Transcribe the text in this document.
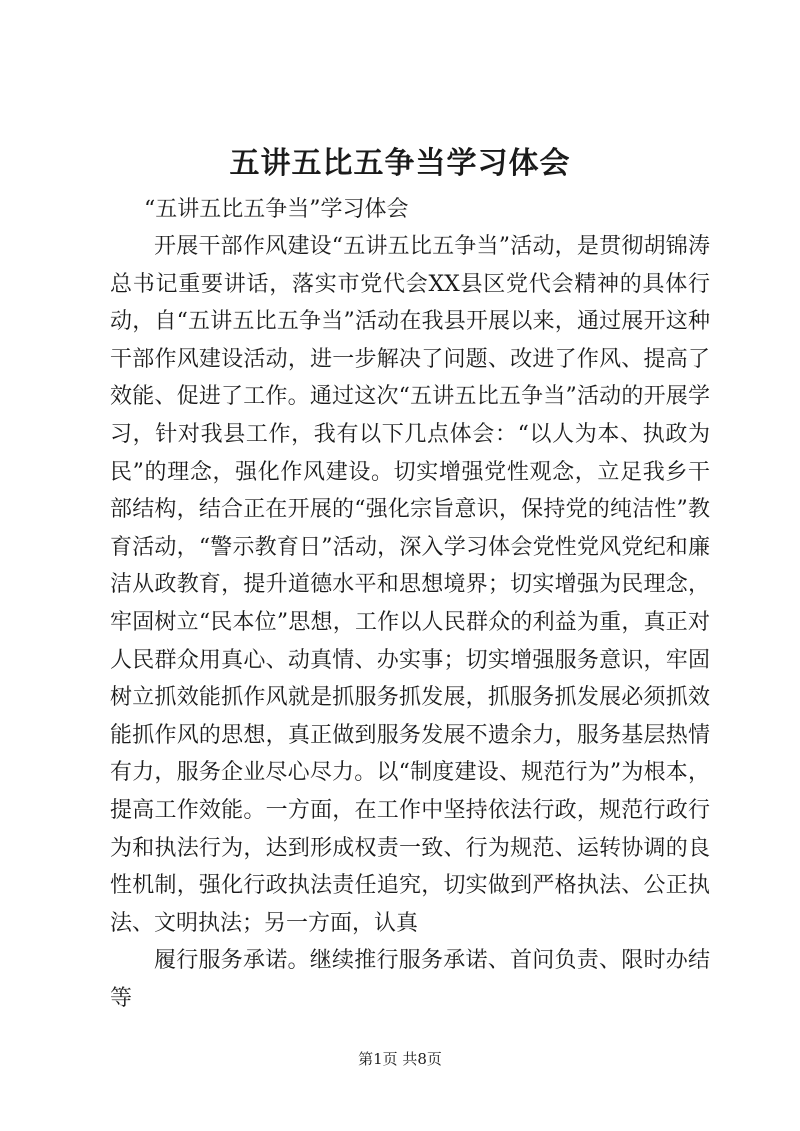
五讲五比五争当学习体会

“五讲五比五争当”学习体会

开展干部作风建设“五讲五比五争当”活动，是贯彻胡锦涛总书记重要讲话，落实市党代会XX县区党代会精神的具体行动，自“五讲五比五争当”活动在我县开展以来，通过展开这种干部作风建设活动，进一步解决了问题、改进了作风、提高了效能、促进了工作。通过这次“五讲五比五争当”活动的开展学习，针对我县工作，我有以下几点体会：“以人为本、执政为民”的理念，强化作风建设。切实增强党性观念，立足我乡干部结构，结合正在开展的“强化宗旨意识，保持党的纯洁性”教育活动，“警示教育日”活动，深入学习体会党性党风党纪和廉洁从政教育，提升道德水平和思想境界；切实增强为民理念，牢固树立“民本位”思想，工作以人民群众的利益为重，真正对人民群众用真心、动真情、办实事；切实增强服务意识，牢固树立抓效能抓作风就是抓服务抓发展，抓服务抓发展必须抓效能抓作风的思想，真正做到服务发展不遗余力，服务基层热情有力，服务企业尽心尽力。以“制度建设、规范行为”为根本，提高工作效能。一方面，在工作中坚持依法行政，规范行政行为和执法行为，达到形成权责一致、行为规范、运转协调的良性机制，强化行政执法责任追究，切实做到严格执法、公正执法、文明执法；另一方面，认真

履行服务承诺。继续推行服务承诺、首问负责、限时办结等

第1页 共8页
